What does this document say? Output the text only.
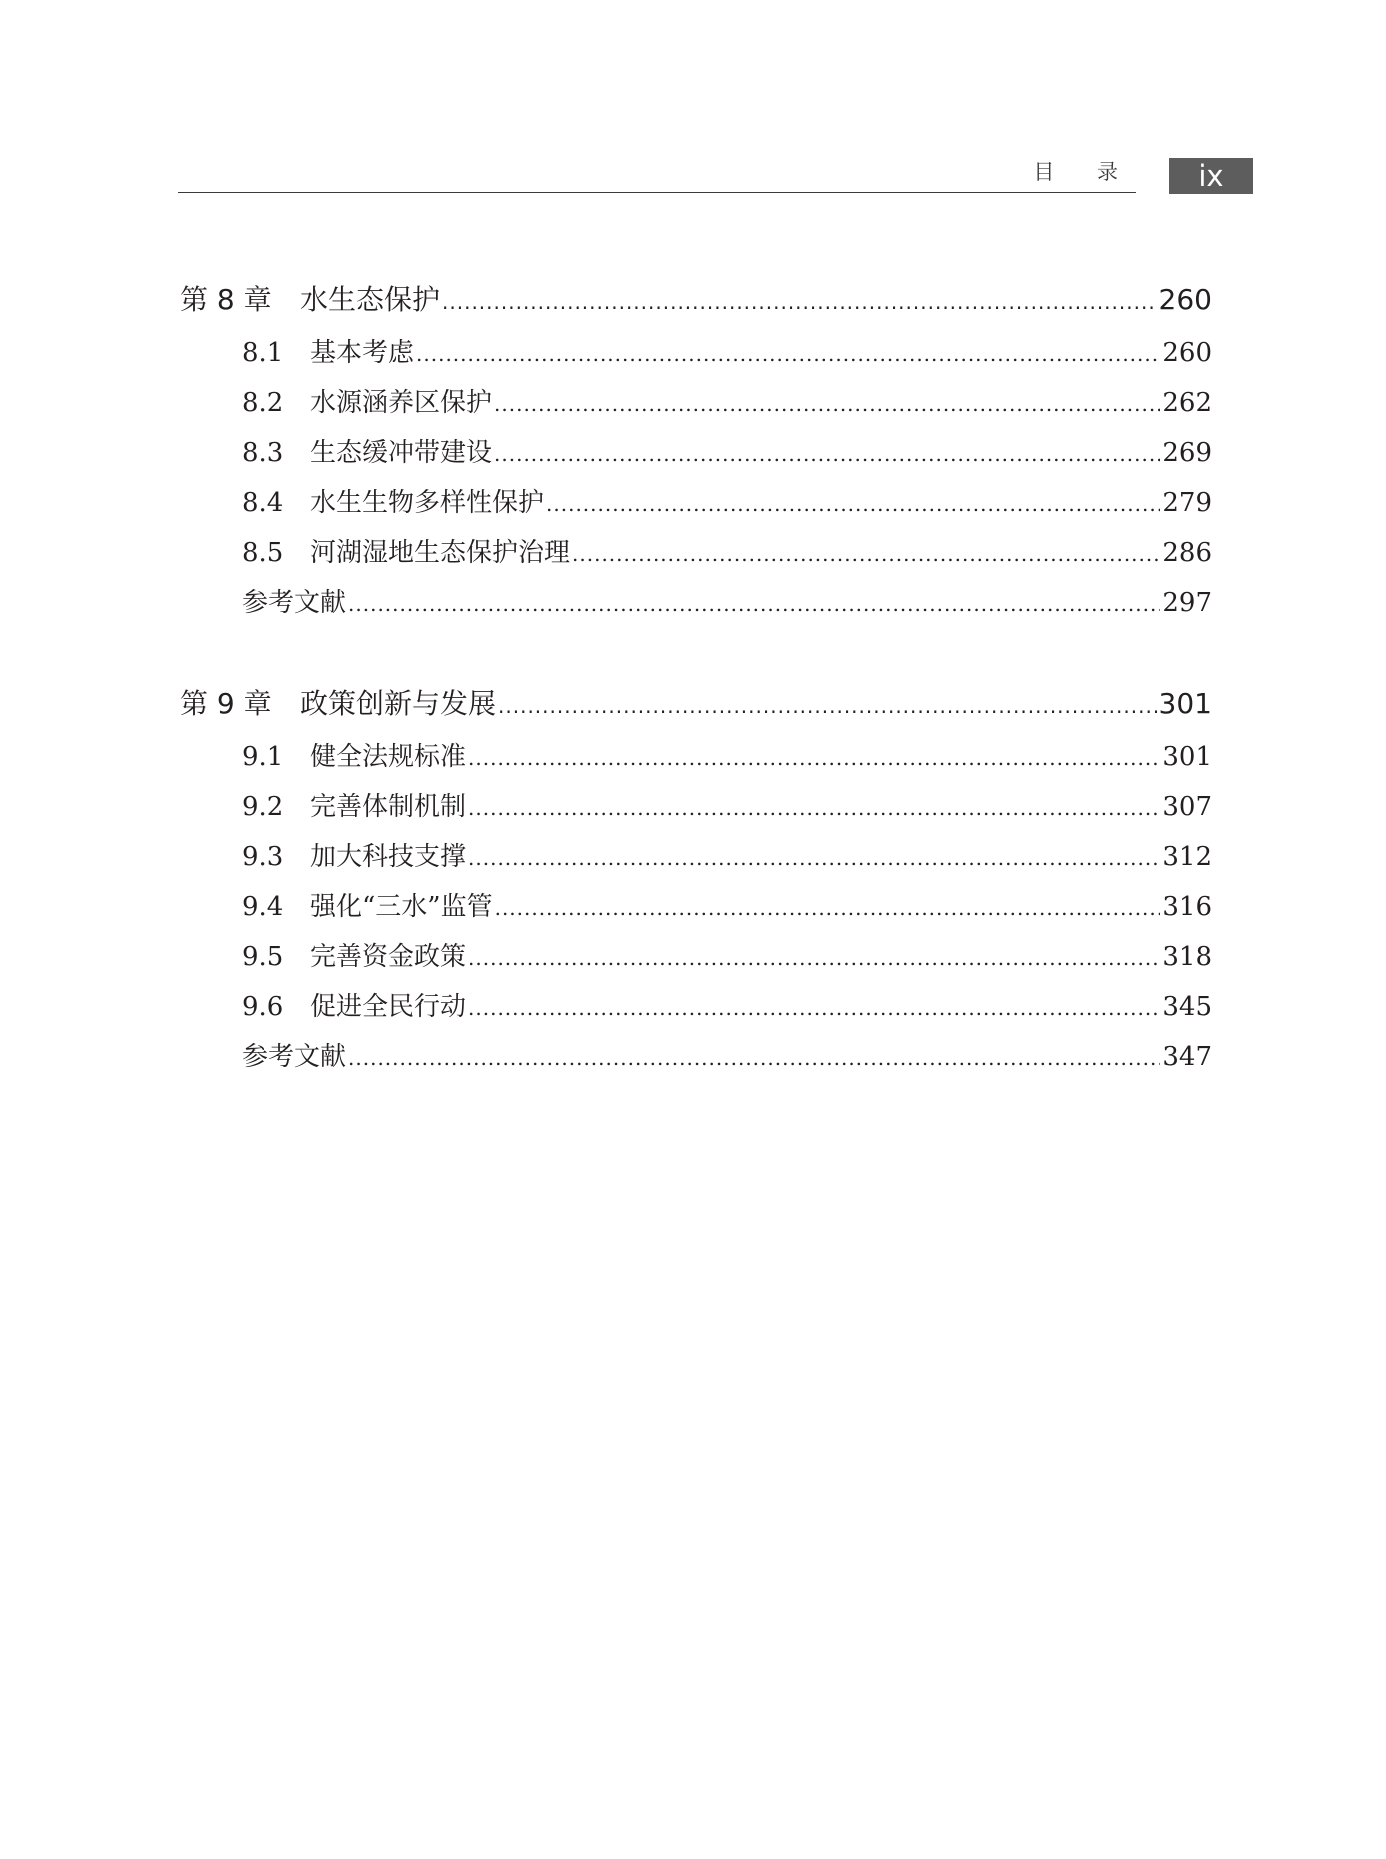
目 录	ix
第 8 章	水生态保护 .....	260
8.1	基本考虑 .....	260
8.2	水源涵养区保护 .....	262
8.3	生态缓冲带建设 .....	269
8.4	水生生物多样性保护 .....	279
8.5	河湖湿地生态保护治理 .....	286
参考文献 .....	297
第 9 章	政策创新与发展 .....	301
9.1	健全法规标准 .....	301
9.2	完善体制机制 .....	307
9.3	加大科技支撑 .....	312
9.4	强化“三水”监管 .....	316
9.5	完善资金政策 .....	318
9.6	促进全民行动 .....	345
参考文献 .....	347
